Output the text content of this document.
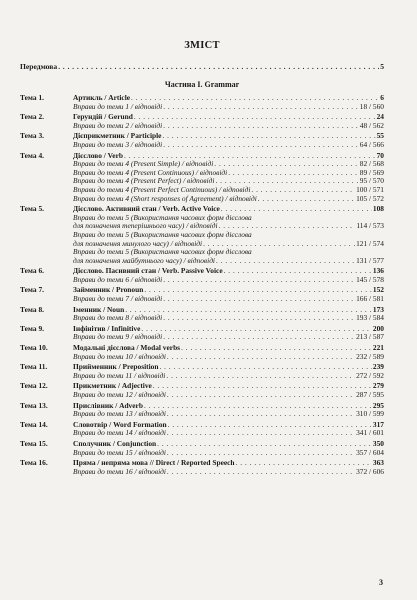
ЗМІСТ
Передмова . . .	5
Частина І. Grammar
Тема 1.	Артикль / Article . . .	6
Вправи до теми 1 / відповіді . . .	18 / 560
Тема 2.	Герундій / Gerund . . .	24
Вправи до теми 2 / відповіді . . .	48 / 562
Тема 3.	Дієприкметник / Participle . . .	55
Вправи до теми 3 / відповіді . . .	64 / 566
Тема 4.	Дієслово / Verb . . .	70
Вправи до теми 4 (Present Simple) / відповіді . . .	82 / 568
Вправи до теми 4 (Present Continuous) / відповіді . . .	89 / 569
Вправи до теми 4 (Present Perfect) / відповіді . . .	95 / 570
Вправи до теми 4 (Present Perfect Continuous) / відповіді . . .	100 / 571
Вправи до теми 4 (Short responses of Agreement) / відповіді . . .	105 / 572
Тема 5.	Дієслово. Активний стан / Verb. Active Voice . . .	108
Вправи до теми 5 (Використання часових форм дієслова
для позначення теперішнього часу) / відповіді . . .	114 / 573
Вправи до теми 5 (Використання часових форм дієслова
для позначення минулого часу) / відповіді . . .	121 / 574
Вправи до теми 5 (Використання часових форм дієслова
для позначення майбутнього часу) / відповіді . . .	131 / 577
Тема 6.	Дієслово. Пасивний стан / Verb. Passive Voice . . .	136
Вправи до теми 6 / відповіді . . .	145 / 578
Тема 7.	Займенник / Pronoun . . .	152
Вправи до теми 7 / відповіді . . .	166 / 581
Тема 8.	Іменник / Noun . . .	173
Вправи до теми 8 / відповіді . . .	193 / 584
Тема 9.	Інфінітив / Infinitive . . .	200
Вправи до теми 9 / відповіді . . .	213 / 587
Тема 10.	Модальні дієслова / Modal verbs . . .	221
Вправи до теми 10 / відповіді . . .	232 / 589
Тема 11.	Прийменник / Preposition . . .	239
Вправи до теми 11 / відповіді . . .	272 / 592
Тема 12.	Прикметник / Adjective . . .	279
Вправи до теми 12 / відповіді . . .	287 / 595
Тема 13.	Прислівник / Adverb . . .	295
Вправи до теми 13 / відповіді . . .	310 / 599
Тема 14.	Словотвір / Word Formation . . .	317
Вправи до теми 14 / відповіді . . .	341 / 601
Тема 15.	Сполучник / Conjunction . . .	350
Вправи до теми 15 / відповіді . . .	357 / 604
Тема 16.	Пряма / непряма мова // Direct / Reported Speech . . .	363
Вправи до теми 16 / відповіді . . .	372 / 606
3
